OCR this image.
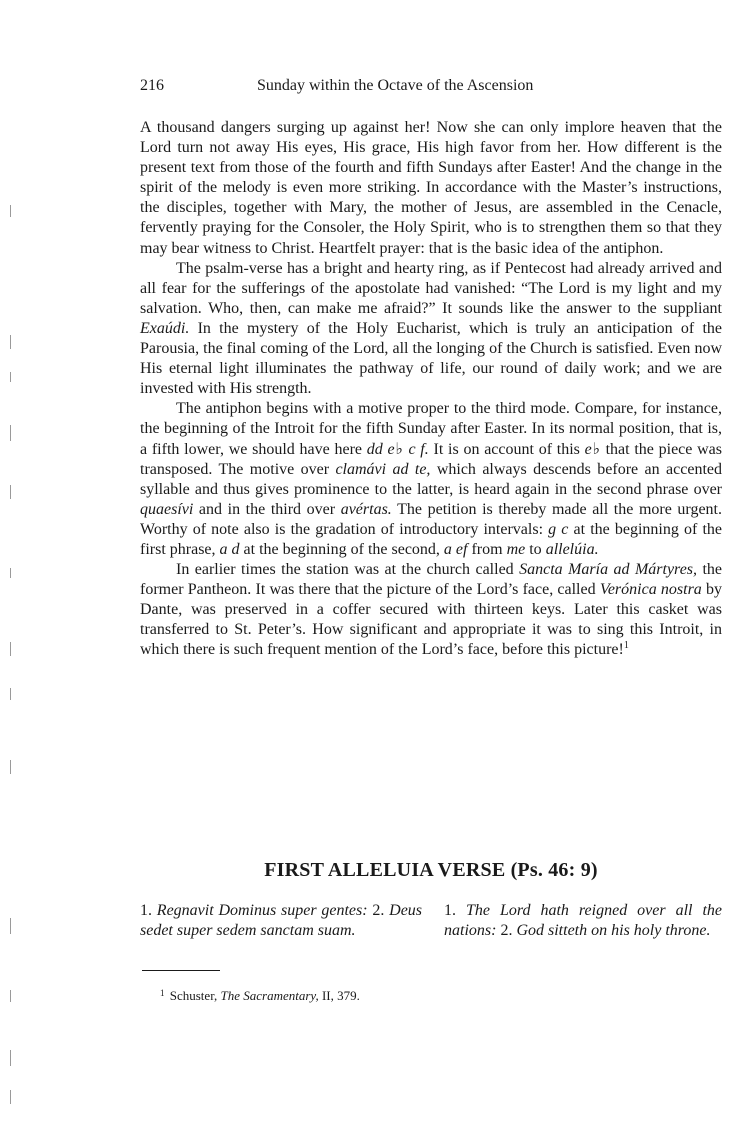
216	Sunday within the Octave of the Ascension

A thousand dangers surging up against her! Now she can only implore heaven that the Lord turn not away His eyes, His grace, His high favor from her. How different is the present text from those of the fourth and fifth Sundays after Easter! And the change in the spirit of the melody is even more striking. In accordance with the Master’s instructions, the disciples, together with Mary, the mother of Jesus, are assembled in the Cenacle, fervently praying for the Consoler, the Holy Spirit, who is to strengthen them so that they may bear witness to Christ. Heartfelt prayer: that is the basic idea of the antiphon.

The psalm-verse has a bright and hearty ring, as if Pentecost had already arrived and all fear for the sufferings of the apostolate had vanished: “The Lord is my light and my salvation. Who, then, can make me afraid?” It sounds like the answer to the suppliant Exaúdi. In the mystery of the Holy Eucharist, which is truly an anticipation of the Parousia, the final coming of the Lord, all the longing of the Church is satisfied. Even now His eternal light illuminates the pathway of life, our round of daily work; and we are invested with His strength.

The antiphon begins with a motive proper to the third mode. Compare, for instance, the beginning of the Introit for the fifth Sunday after Easter. In its normal position, that is, a fifth lower, we should have here dd e♭ c f. It is on account of this e♭ that the piece was transposed. The motive over clamávi ad te, which always descends before an accented syllable and thus gives prominence to the latter, is heard again in the second phrase over quaesívi and in the third over avértas. The petition is thereby made all the more urgent. Worthy of note also is the gradation of introductory intervals: g c at the beginning of the first phrase, a d at the beginning of the second, a ef from me to allelúia.

In earlier times the station was at the church called Sancta María ad Mártyres, the former Pantheon. It was there that the picture of the Lord’s face, called Verónica nostra by Dante, was preserved in a coffer secured with thirteen keys. Later this casket was transferred to St. Peter’s. How significant and appropriate it was to sing this Introit, in which there is such frequent mention of the Lord’s face, before this picture!$^1$

FIRST ALLELUIA VERSE (Ps. 46: 9)
1. Regnavit Dominus super gentes: 2. Deus sedet super sedem sanctam suam.
1. The Lord hath reigned over all the nations: 2. God sitteth on his holy throne.
$^1$ Schuster, The Sacramentary, II, 379.
